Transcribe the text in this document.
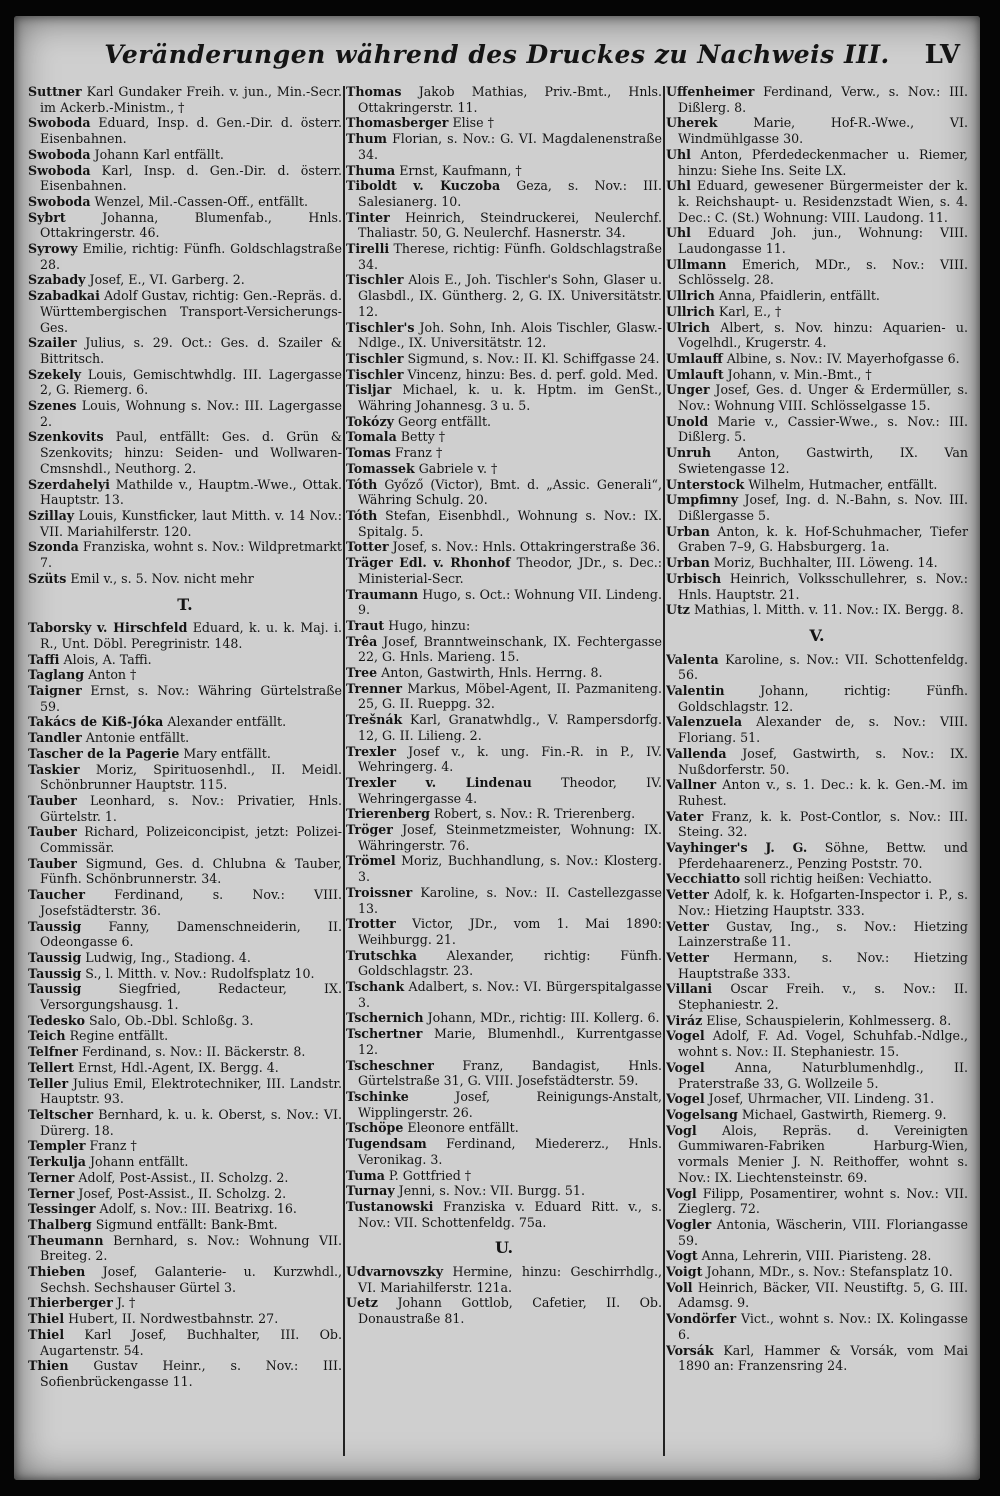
Veränderungen während des Druckes zu Nachweis III. LV

Suttner Karl Gundaker Freih. v. jun., Min.-Secr. im Ackerb.-Ministm., †

Swoboda Eduard, Insp. d. Gen.-Dir. d. österr. Eisenbahnen.

Swoboda Johann Karl entfällt.

Swoboda Karl, Insp. d. Gen.-Dir. d. österr. Eisenbahnen.

Swoboda Wenzel, Mil.-Cassen-Off., entfällt.

Sybrt	Johanna, Blumenfab., Hnls. Ottakringerstr. 46.

Syrowy Emilie, richtig: Fünfh. Goldschlagstraße 28.

Szabady Josef, E., VI. Garberg. 2.

Szabadkai Adolf Gustav, richtig: Gen.-Repräs. d. Württembergischen Transport-Versicherungs-Ges.

Szailer Julius, s. 29. Oct.: Ges. d. Szailer & Bittritsch.

Szekely Louis, Gemischtwhdlg. III. Lagergasse 2, G. Riemerg. 6.

Szenes Louis, Wohnung s. Nov.: III. Lagergasse 2.

Szenkovits Paul, entfällt: Ges. d. Grün & Szenkovits; hinzu: Seiden- und Wollwaren-Cmsnshdl., Neuthorg. 2.

Szerdahelyi Mathilde v., Hauptm.-Wwe., Ottak. Hauptstr. 13.

Szillay Louis, Kunstficker, laut Mitth. v. 14 Nov.: VII. Mariahilferstr. 120.

Szonda Franziska, wohnt s. Nov.: Wildpretmarkt 7.

Szüts Emil v., s. 5. Nov. nicht mehr

T.

Taborsky v. Hirschfeld Eduard, k. u. k. Maj. i. R., Unt. Döbl. Peregrinistr. 148.

Taffi Alois, A. Taffi.

Taglang Anton †

Taigner Ernst, s. Nov.: Währing Gürtelstraße 59.

Takács de Kiß-Jóka Alexander entfällt.

Tandler Antonie entfällt.

Tascher de la Pagerie Mary entfällt.

Taskier Moriz, Spirituosenhdl., II. Meidl. Schönbrunner Hauptstr. 115.

Tauber Leonhard, s. Nov.: Privatier, Hnls. Gürtelstr. 1.

Tauber Richard, Polizeiconcipist, jetzt: Polizei-Commissär.

Tauber Sigmund, Ges. d. Chlubna & Tauber, Fünfh. Schönbrunnerstr. 34.

Taucher Ferdinand, s. Nov.: VIII. Josefstädterstr. 36.

Taussig Fanny, Damenschneiderin, II. Odeongasse 6.

Taussig Ludwig, Ing., Stadiong. 4.

Taussig S., l. Mitth. v. Nov.: Rudolfsplatz 10.

Taussig	Siegfried, Redacteur, IX. Versorgungshausg. 1.

Tedesko Salo, Ob.-Dbl. Schloßg. 3.

Teich Regine entfällt.

Telfner Ferdinand, s. Nov.: II. Bäckerstr. 8.

Tellert Ernst, Hdl.-Agent, IX. Bergg. 4.

Teller Julius Emil, Elektrotechniker, III. Landstr. Hauptstr. 93.

Teltscher Bernhard, k. u. k. Oberst, s. Nov.: VI. Dürerg. 18.

Templer Franz †

Terkulja Johann entfällt.

Terner Adolf, Post-Assist., II. Scholzg. 2.

Terner Josef, Post-Assist., II. Scholzg. 2.

Tessinger Adolf, s. Nov.: III. Beatrixg. 16.

Thalberg Sigmund entfällt: Bank-Bmt.

Theumann Bernhard, s. Nov.: Wohnung VII. Breiteg. 2.

Thieben Josef, Galanterie- u. Kurzwhdl., Sechsh. Sechshauser Gürtel 3.

Thierberger J. †

Thiel Hubert, II. Nordwestbahnstr. 27.

Thiel Karl Josef, Buchhalter, III. Ob. Augartenstr. 54.

Thien Gustav Heinr., s. Nov.: III. Sofienbrückengasse 11.

Thomas Jakob Mathias, Priv.-Bmt., Hnls. Ottakringerstr. 11.

Thomasberger Elise †

Thum Florian, s. Nov.: G. VI. Magdalenenstraße 34.

Thuma Ernst, Kaufmann, †

Tiboldt v. Kuczoba Geza, s. Nov.: III. Salesianerg. 10.

Tinter Heinrich, Steindruckerei, Neulerchf. Thaliastr. 50, G. Neulerchf. Hasnerstr. 34.

Tirelli Therese, richtig: Fünfh. Goldschlagstraße 34.

Tischler Alois E., Joh. Tischler's Sohn, Glaser u. Glasbdl., IX. Güntherg. 2, G. IX. Universitätstr. 12.

Tischler's Joh. Sohn, Inh. Alois Tischler, Glasw.-Ndlge., IX. Universitätstr. 12.

Tischler Sigmund, s. Nov.: II. Kl. Schiffgasse 24.

Tischler Vincenz, hinzu: Bes. d. perf. gold. Med.

Tisljar Michael, k. u. k. Hptm. im GenSt., Währing Johannesg. 3 u. 5.

Tokózy Georg entfällt.

Tomala Betty †

Tomas Franz †

Tomassek Gabriele v. †

Tóth Győző (Victor), Bmt. d. „Assic. Generali“, Währing Schulg. 20.

Tóth Stefan, Eisenbhdl., Wohnung s. Nov.: IX. Spitalg. 5.

Totter Josef, s. Nov.: Hnls. Ottakringerstraße 36.

Träger Edl. v. Rhonhof Theodor, JDr., s. Dec.: Ministerial-Secr.

Traumann Hugo, s. Oct.: Wohnung VII. Lindeng. 9.

Traut Hugo, hinzu:

Trêa Josef, Branntweinschank, IX. Fechtergasse 22, G. Hnls. Marieng. 15.

Tree Anton, Gastwirth, Hnls. Herrng. 8.

Trenner Markus, Möbel-Agent, II. Pazmaniteng. 25, G. II. Rueppg. 32.

Trešnák Karl, Granatwhdlg., V. Rampersdorfg. 12, G. II. Lilieng. 2.

Trexler Josef v., k. ung. Fin.-R. in P., IV. Wehringerg. 4.

Trexler v. Lindenau Theodor, IV. Wehringergasse 4.

Trierenberg Robert, s. Nov.: R. Trierenberg.

Tröger Josef, Steinmetzmeister, Wohnung: IX. Währingerstr. 76.

Trömel Moriz, Buchhandlung, s. Nov.: Klosterg. 3.

Troissner Karoline, s. Nov.: II. Castellezgasse 13.

Trotter Victor, JDr., vom 1. Mai 1890: Weihburgg. 21.

Trutschka Alexander, richtig: Fünfh. Goldschlagstr. 23.

Tschank Adalbert, s. Nov.: VI. Bürgerspitalgasse 3.

Tschernich Johann, MDr., richtig: III. Kollerg. 6.

Tschertner Marie, Blumenhdl., Kurrentgasse 12.

Tscheschner Franz, Bandagist, Hnls. Gürtelstraße 31, G. VIII. Josefstädterstr. 59.

Tschinke	Josef, Reinigungs-Anstalt, Wipplingerstr. 26.

Tschöpe Eleonore entfällt.

Tugendsam Ferdinand, Miedererz., Hnls. Veronikag. 3.

Tuma P. Gottfried †

Turnay Jenni, s. Nov.: VII. Burgg. 51.

Tustanowski Franziska v. Eduard Ritt. v., s. Nov.: VII. Schottenfeldg. 75a.

U.

Udvarnovszky Hermine, hinzu: Geschirrhdlg., VI. Mariahilferstr. 121a.

Uetz Johann Gottlob, Cafetier, II. Ob. Donaustraße 81.

Uffenheimer Ferdinand, Verw., s. Nov.: III. Dißlerg. 8.

Uherek	Marie, Hof-R.-Wwe., VI. Windmühlgasse 30.

Uhl Anton, Pferdedeckenmacher u. Riemer, hinzu: Siehe Ins. Seite LX.

Uhl Eduard, gewesener Bürgermeister der k. k. Reichshaupt- u. Residenzstadt Wien, s. 4. Dec.: C. (St.) Wohnung: VIII. Laudong. 11.

Uhl Eduard Joh. jun., Wohnung: VIII. Laudongasse 11.

Ullmann Emerich, MDr., s. Nov.: VIII. Schlösselg. 28.

Ullrich Anna, Pfaidlerin, entfällt.

Ullrich Karl, E., †

Ulrich Albert, s. Nov. hinzu: Aquarien- u. Vogelhdl., Krugerstr. 4.

Umlauff Albine, s. Nov.: IV. Mayerhofgasse 6.

Umlauft Johann, v. Min.-Bmt., †

Unger Josef, Ges. d. Unger & Erdermüller, s. Nov.: Wohnung VIII. Schlösselgasse 15.

Unold Marie v., Cassier-Wwe., s. Nov.: III. Dißlerg. 5.

Unruh Anton, Gastwirth, IX. Van Swietengasse 12.

Unterstock Wilhelm, Hutmacher, entfällt.

Umpfimny Josef, Ing. d. N.-Bahn, s. Nov. III. Dißlergasse 5.

Urban Anton, k. k. Hof-Schuhmacher, Tiefer Graben 7–9, G. Habsburgerg. 1a.

Urban Moriz, Buchhalter, III. Löweng. 14.

Urbisch Heinrich, Volksschullehrer, s. Nov.: Hnls. Hauptstr. 21.

Utz Mathias, l. Mitth. v. 11. Nov.: IX. Bergg. 8.

V.

Valenta Karoline, s. Nov.: VII. Schottenfeldg. 56.

Valentin	Johann, richtig: Fünfh. Goldschlagstr. 12.

Valenzuela Alexander de, s. Nov.: VIII. Floriang. 51.

Vallenda Josef, Gastwirth, s. Nov.: IX. Nußdorferstr. 50.

Vallner Anton v., s. 1. Dec.: k. k. Gen.-M. im Ruhest.

Vater Franz, k. k. Post-Contlor, s. Nov.: III. Steing. 32.

Vayhinger's J. G. Söhne, Bettw. und Pferdehaarenerz., Penzing Poststr. 70.

Vecchiatto soll richtig heißen: Vechiatto.

Vetter Adolf, k. k. Hofgarten-Inspector i. P., s. Nov.: Hietzing Hauptstr. 333.

Vetter Gustav, Ing., s. Nov.: Hietzing Lainzerstraße 11.

Vetter Hermann, s. Nov.: Hietzing Hauptstraße 333.

Villani Oscar Freih. v., s. Nov.: II. Stephaniestr. 2.

Viráz Elise, Schauspielerin, Kohlmesserg. 8.

Vogel Adolf, F. Ad. Vogel, Schuhfab.-Ndlge., wohnt s. Nov.: II. Stephaniestr. 15.

Vogel Anna, Naturblumenhdlg., II. Praterstraße 33, G. Wollzeile 5.

Vogel Josef, Uhrmacher, VII. Lindeng. 31.

Vogelsang Michael, Gastwirth, Riemerg. 9.

Vogl Alois, Repräs. d. Vereinigten Gummiwaren-Fabriken Harburg-Wien, vormals Menier J. N. Reithoffer, wohnt s. Nov.: IX. Liechtensteinstr. 69.

Vogl Filipp, Posamentirer, wohnt s. Nov.: VII. Zieglerg. 72.

Vogler Antonia, Wäscherin, VIII. Floriangasse 59.

Vogt Anna, Lehrerin, VIII. Piaristeng. 28.

Voigt Johann, MDr., s. Nov.: Stefansplatz 10.

Voll Heinrich, Bäcker, VII. Neustiftg. 5, G. III. Adamsg. 9.

Vondörfer Vict., wohnt s. Nov.: IX. Kolingasse 6.

Vorsák Karl, Hammer & Vorsák, vom Mai 1890 an: Franzensring 24.
